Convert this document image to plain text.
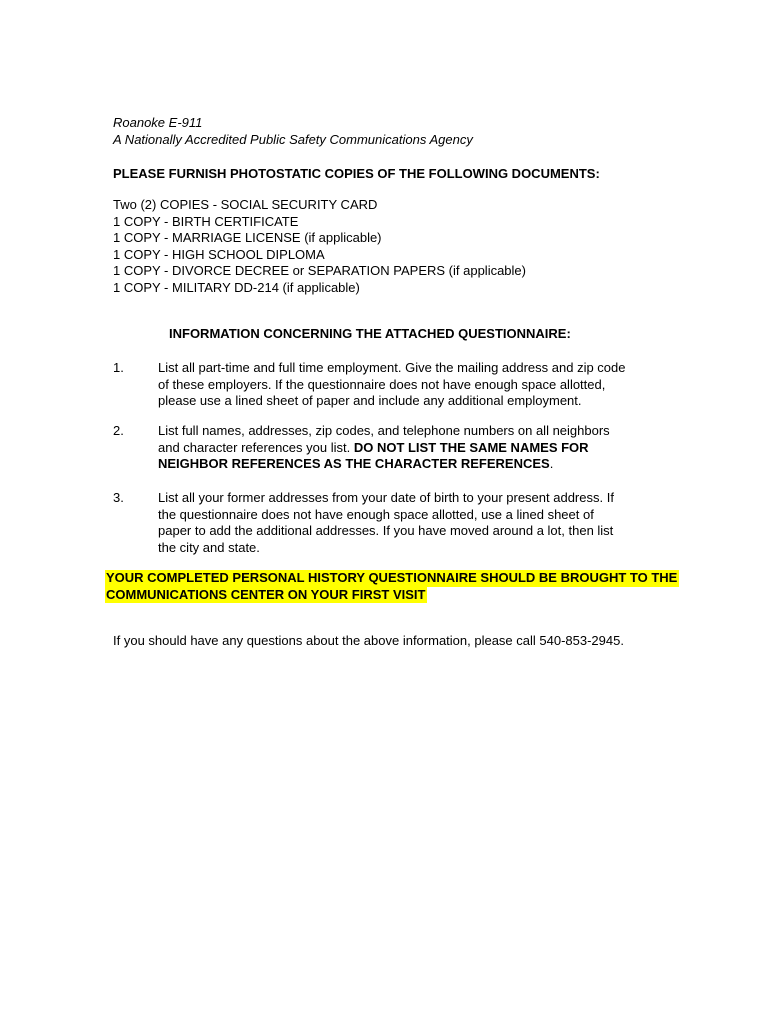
Roanoke E-911
A Nationally Accredited Public Safety Communications Agency
PLEASE FURNISH PHOTOSTATIC COPIES OF THE FOLLOWING DOCUMENTS:
Two (2) COPIES - SOCIAL SECURITY CARD
1 COPY - BIRTH CERTIFICATE
1 COPY - MARRIAGE LICENSE (if applicable)
1 COPY - HIGH SCHOOL DIPLOMA
1 COPY - DIVORCE DECREE or SEPARATION PAPERS (if applicable)
1 COPY - MILITARY DD-214 (if applicable)
INFORMATION CONCERNING THE ATTACHED QUESTIONNAIRE:
1.	List all part-time and full time employment. Give the mailing address and zip code
of these employers. If the questionnaire does not have enough space allotted,
please use a lined sheet of paper and include any additional employment.
2.	List full names, addresses, zip codes, and telephone numbers on all neighbors
and character references you list. DO NOT LIST THE SAME NAMES FOR
NEIGHBOR REFERENCES AS THE CHARACTER REFERENCES.
3.	List all your former addresses from your date of birth to your present address. If
the questionnaire does not have enough space allotted, use a lined sheet of
paper to add the additional addresses. If you have moved around a lot, then list
the city and state.
YOUR COMPLETED PERSONAL HISTORY QUESTIONNAIRE SHOULD BE BROUGHT TO THE
COMMUNICATIONS CENTER ON YOUR FIRST VISIT
If you should have any questions about the above information, please call 540-853-2945.
